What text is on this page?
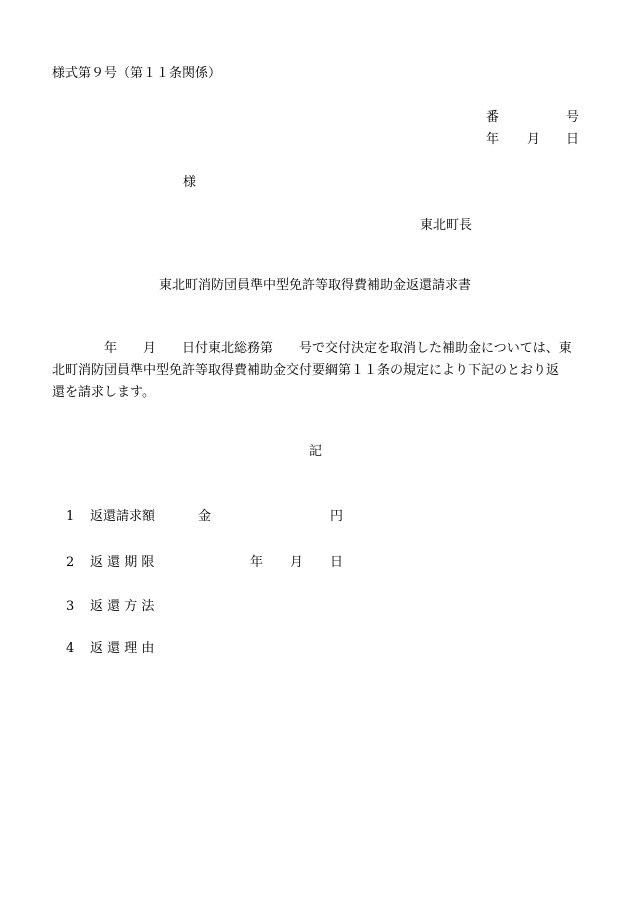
様式第９号（第１１条関係）
番	号
年 月 日
様
東北町長
東北町消防団員準中型免許等取得費補助金返還請求書
　　　　年　　月　　日付東北総務第　　号で交付決定を取消した補助金については、東
北町消防団員準中型免許等取得費補助金交付要綱第１１条の規定により下記のとおり返
還を請求します。
記
1 返還請求額	金	円
2 返 還 期 限	年 月 日
3 返 還 方 法
4 返 還 理 由
